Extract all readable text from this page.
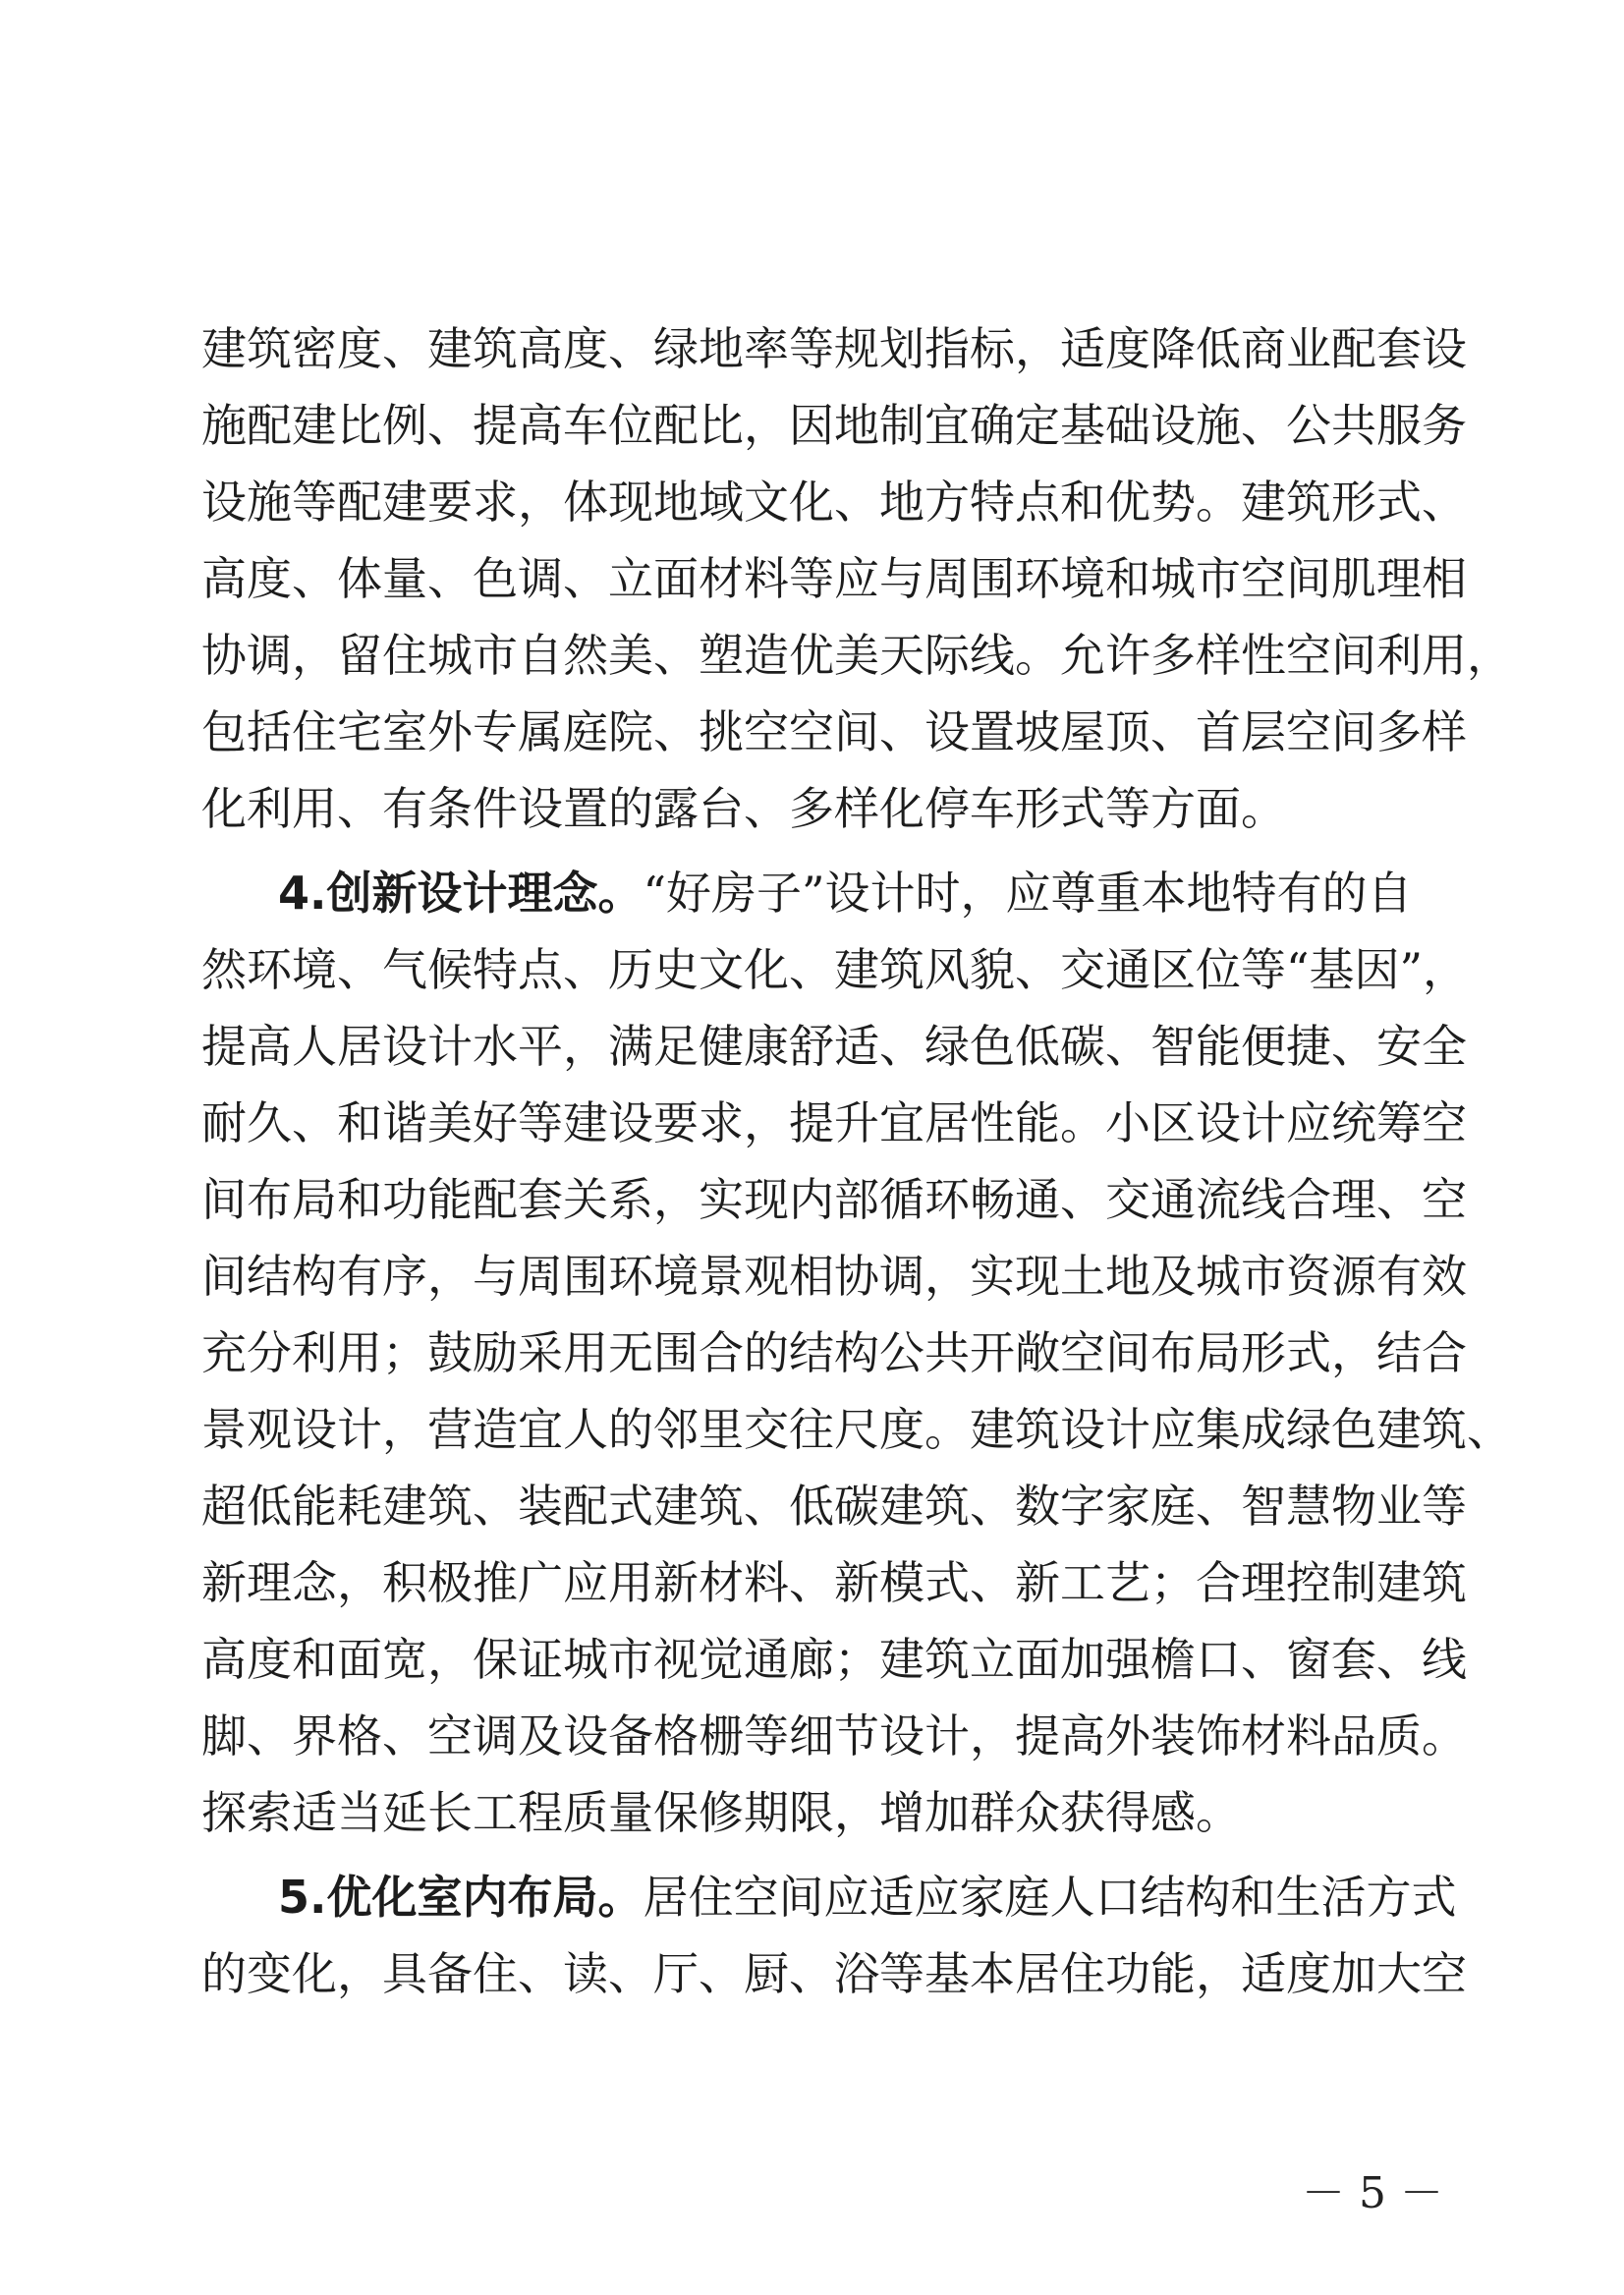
建筑密度、建筑高度、绿地率等规划指标，适度降低商业配套设
施配建比例、提高车位配比，因地制宜确定基础设施、公共服务
设施等配建要求，体现地域文化、地方特点和优势。建筑形式、
高度、体量、色调、立面材料等应与周围环境和城市空间肌理相
协调，留住城市自然美、塑造优美天际线。允许多样性空间利用，
包括住宅室外专属庭院、挑空空间、设置坡屋顶、首层空间多样
化利用、有条件设置的露台、多样化停车形式等方面。
4.创新设计理念。“好房子”设计时，应尊重本地特有的自
然环境、气候特点、历史文化、建筑风貌、交通区位等“基因”，
提高人居设计水平，满足健康舒适、绿色低碳、智能便捷、安全
耐久、和谐美好等建设要求，提升宜居性能。小区设计应统筹空
间布局和功能配套关系，实现内部循环畅通、交通流线合理、空
间结构有序，与周围环境景观相协调，实现土地及城市资源有效
充分利用；鼓励采用无围合的结构公共开敞空间布局形式，结合
景观设计，营造宜人的邻里交往尺度。建筑设计应集成绿色建筑、
超低能耗建筑、装配式建筑、低碳建筑、数字家庭、智慧物业等
新理念，积极推广应用新材料、新模式、新工艺；合理控制建筑
高度和面宽，保证城市视觉通廊；建筑立面加强檐口、窗套、线
脚、界格、空调及设备格栅等细节设计，提高外装饰材料品质。
探索适当延长工程质量保修期限，增加群众获得感。
5.优化室内布局。居住空间应适应家庭人口结构和生活方式
的变化，具备住、读、厅、厨、浴等基本居住功能，适度加大空
－ 5 －
